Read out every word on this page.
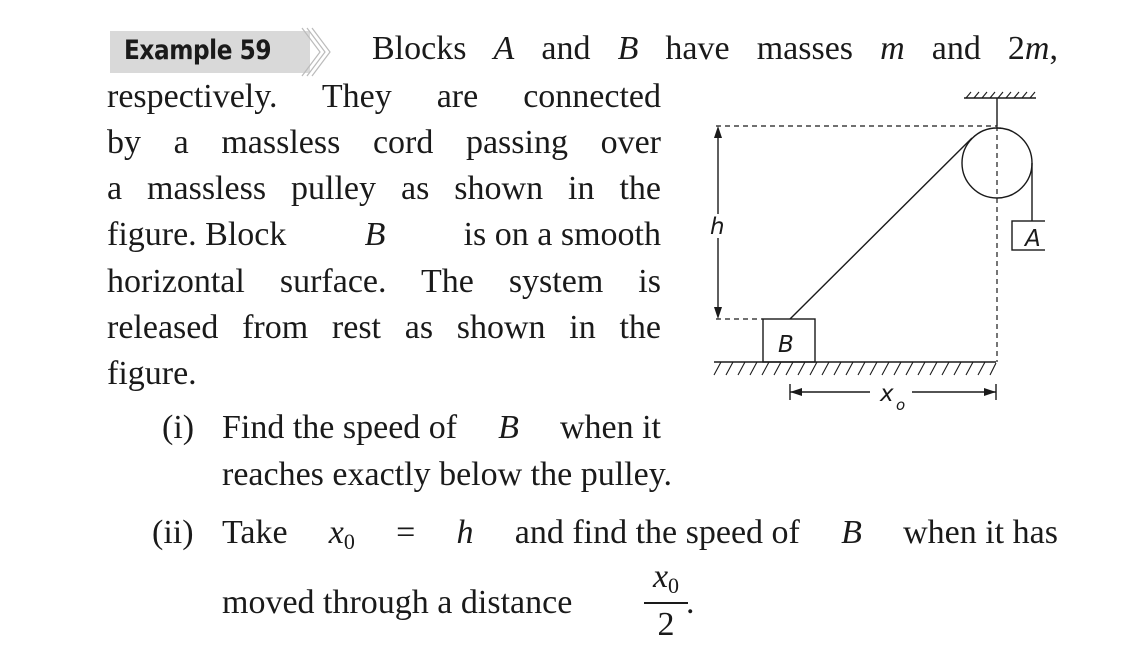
Example 59	Blocks A and B have masses m and 2m,
respectively. They are connected
by a massless cord passing over
a massless pulley as shown in the
figure. Block B is on a smooth
horizontal surface. The system is
released from rest as shown in the
figure.
(i) Find the speed of B when it
reaches exactly below the pulley.
(ii) Take $x_0 = h$ and find the speed of B when it has
moved through a distance
$x_0$
2
.
h	A
B
x o
